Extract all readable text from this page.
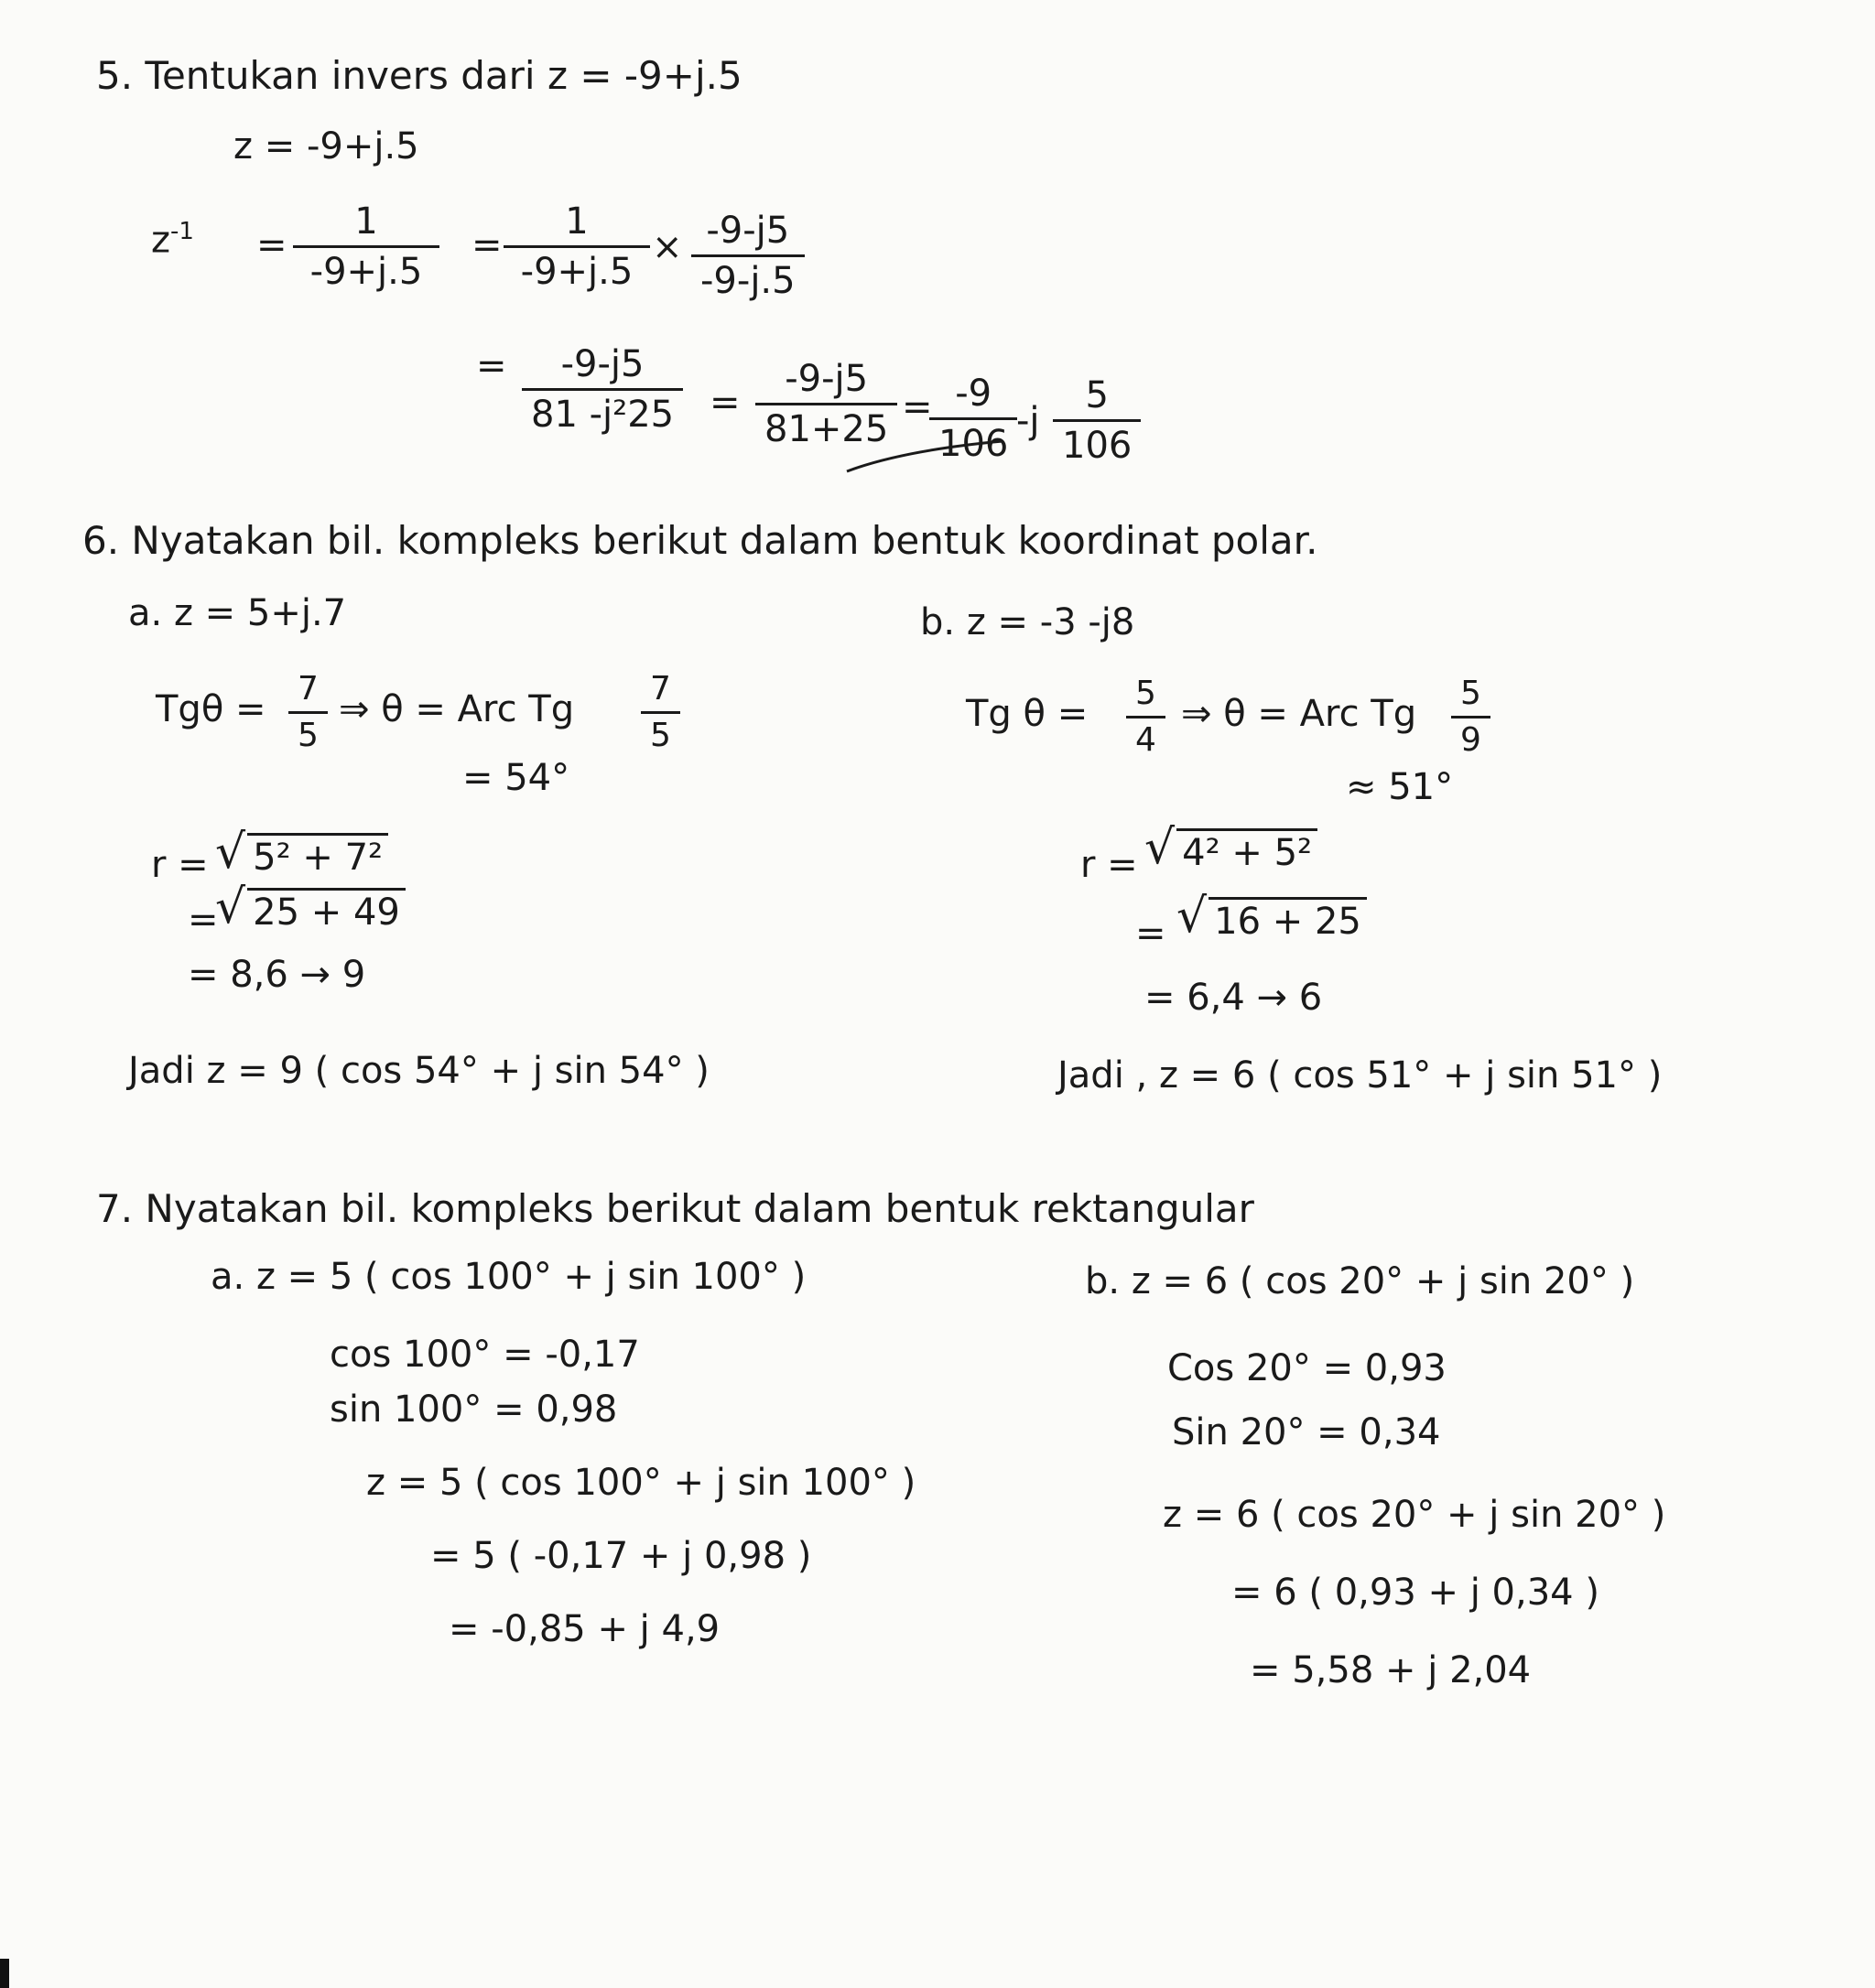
5. Tentukan invers dari z = -9+j.5
z = -9+j.5
$z^{-1} = \frac{1}{-9+j.5} = \frac{1}{-9+j.5} \times \frac{-9-j5}{-9-j.5}$
= $\frac{-9-j5}{\text{81 -j²25}} = \frac{-9-j5}{81+25}$ =
$\frac{-9}{106}$
$-j \frac{5}{106}$
6. Nyatakan bil. kompleks berikut dalam bentuk koordinat polar.
a. z = 5+j.7
$Tg\theta = \frac{7}{5}$ ⇒ θ = Arc Tg $\frac{7}{5}$
= 54°
r = √ 5² + 7²
=
√ 25 + 49
= 8,6 → 9
Jadi z = 9 ( cos 54° + j sin 54° )
b. z = -3 -j8
Tg $\theta = \frac{5}{4}$ ⇒ θ = Arc Tg $\frac{5}{9}$
≈ 51°
r = √ 4² + 5²
= √ 16 + 25
= 6,4 → 6
Jadi , z = 6 ( cos 51° + j sin 51° )
7. Nyatakan bil. kompleks berikut dalam bentuk rektangular
a. z = 5 ( cos 100° + j sin 100° )
cos 100° = -0,17
sin 100° = 0,98
z = 5 ( cos 100° + j sin 100° )
= 5 ( -0,17 + j 0,98 )
= -0,85 + j 4,9
b. z = 6 ( cos 20° + j sin 20° )
Cos 20° = 0,93
Sin 20° = 0,34
z = 6 ( cos 20° + j sin 20° )
= 6 ( 0,93 + j 0,34 )
= 5,58 + j 2,04
